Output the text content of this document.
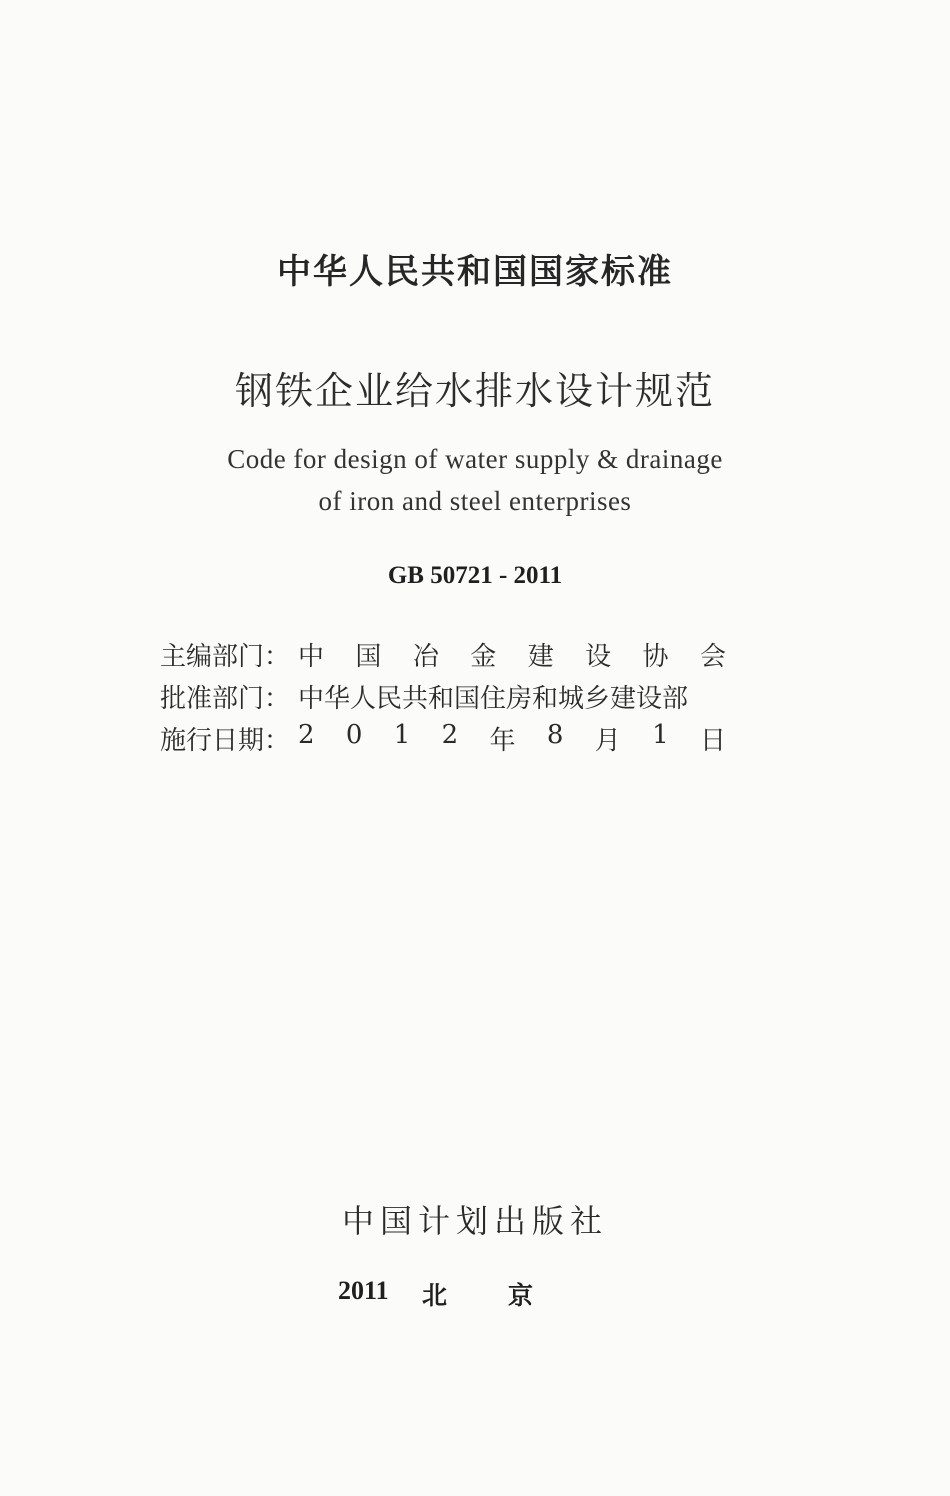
中华人民共和国国家标准
钢铁企业给水排水设计规范
Code for design of water supply & drainage
of iron and steel enterprises
GB 50721 - 2011
主编部门： 中 国 冶 金 建 设 协 会
批准部门： 中华人民共和国住房和城乡建设部
施行日期： 2 0 1 2 年 8 月 1 日
中国计划出版社
2011 北 京
